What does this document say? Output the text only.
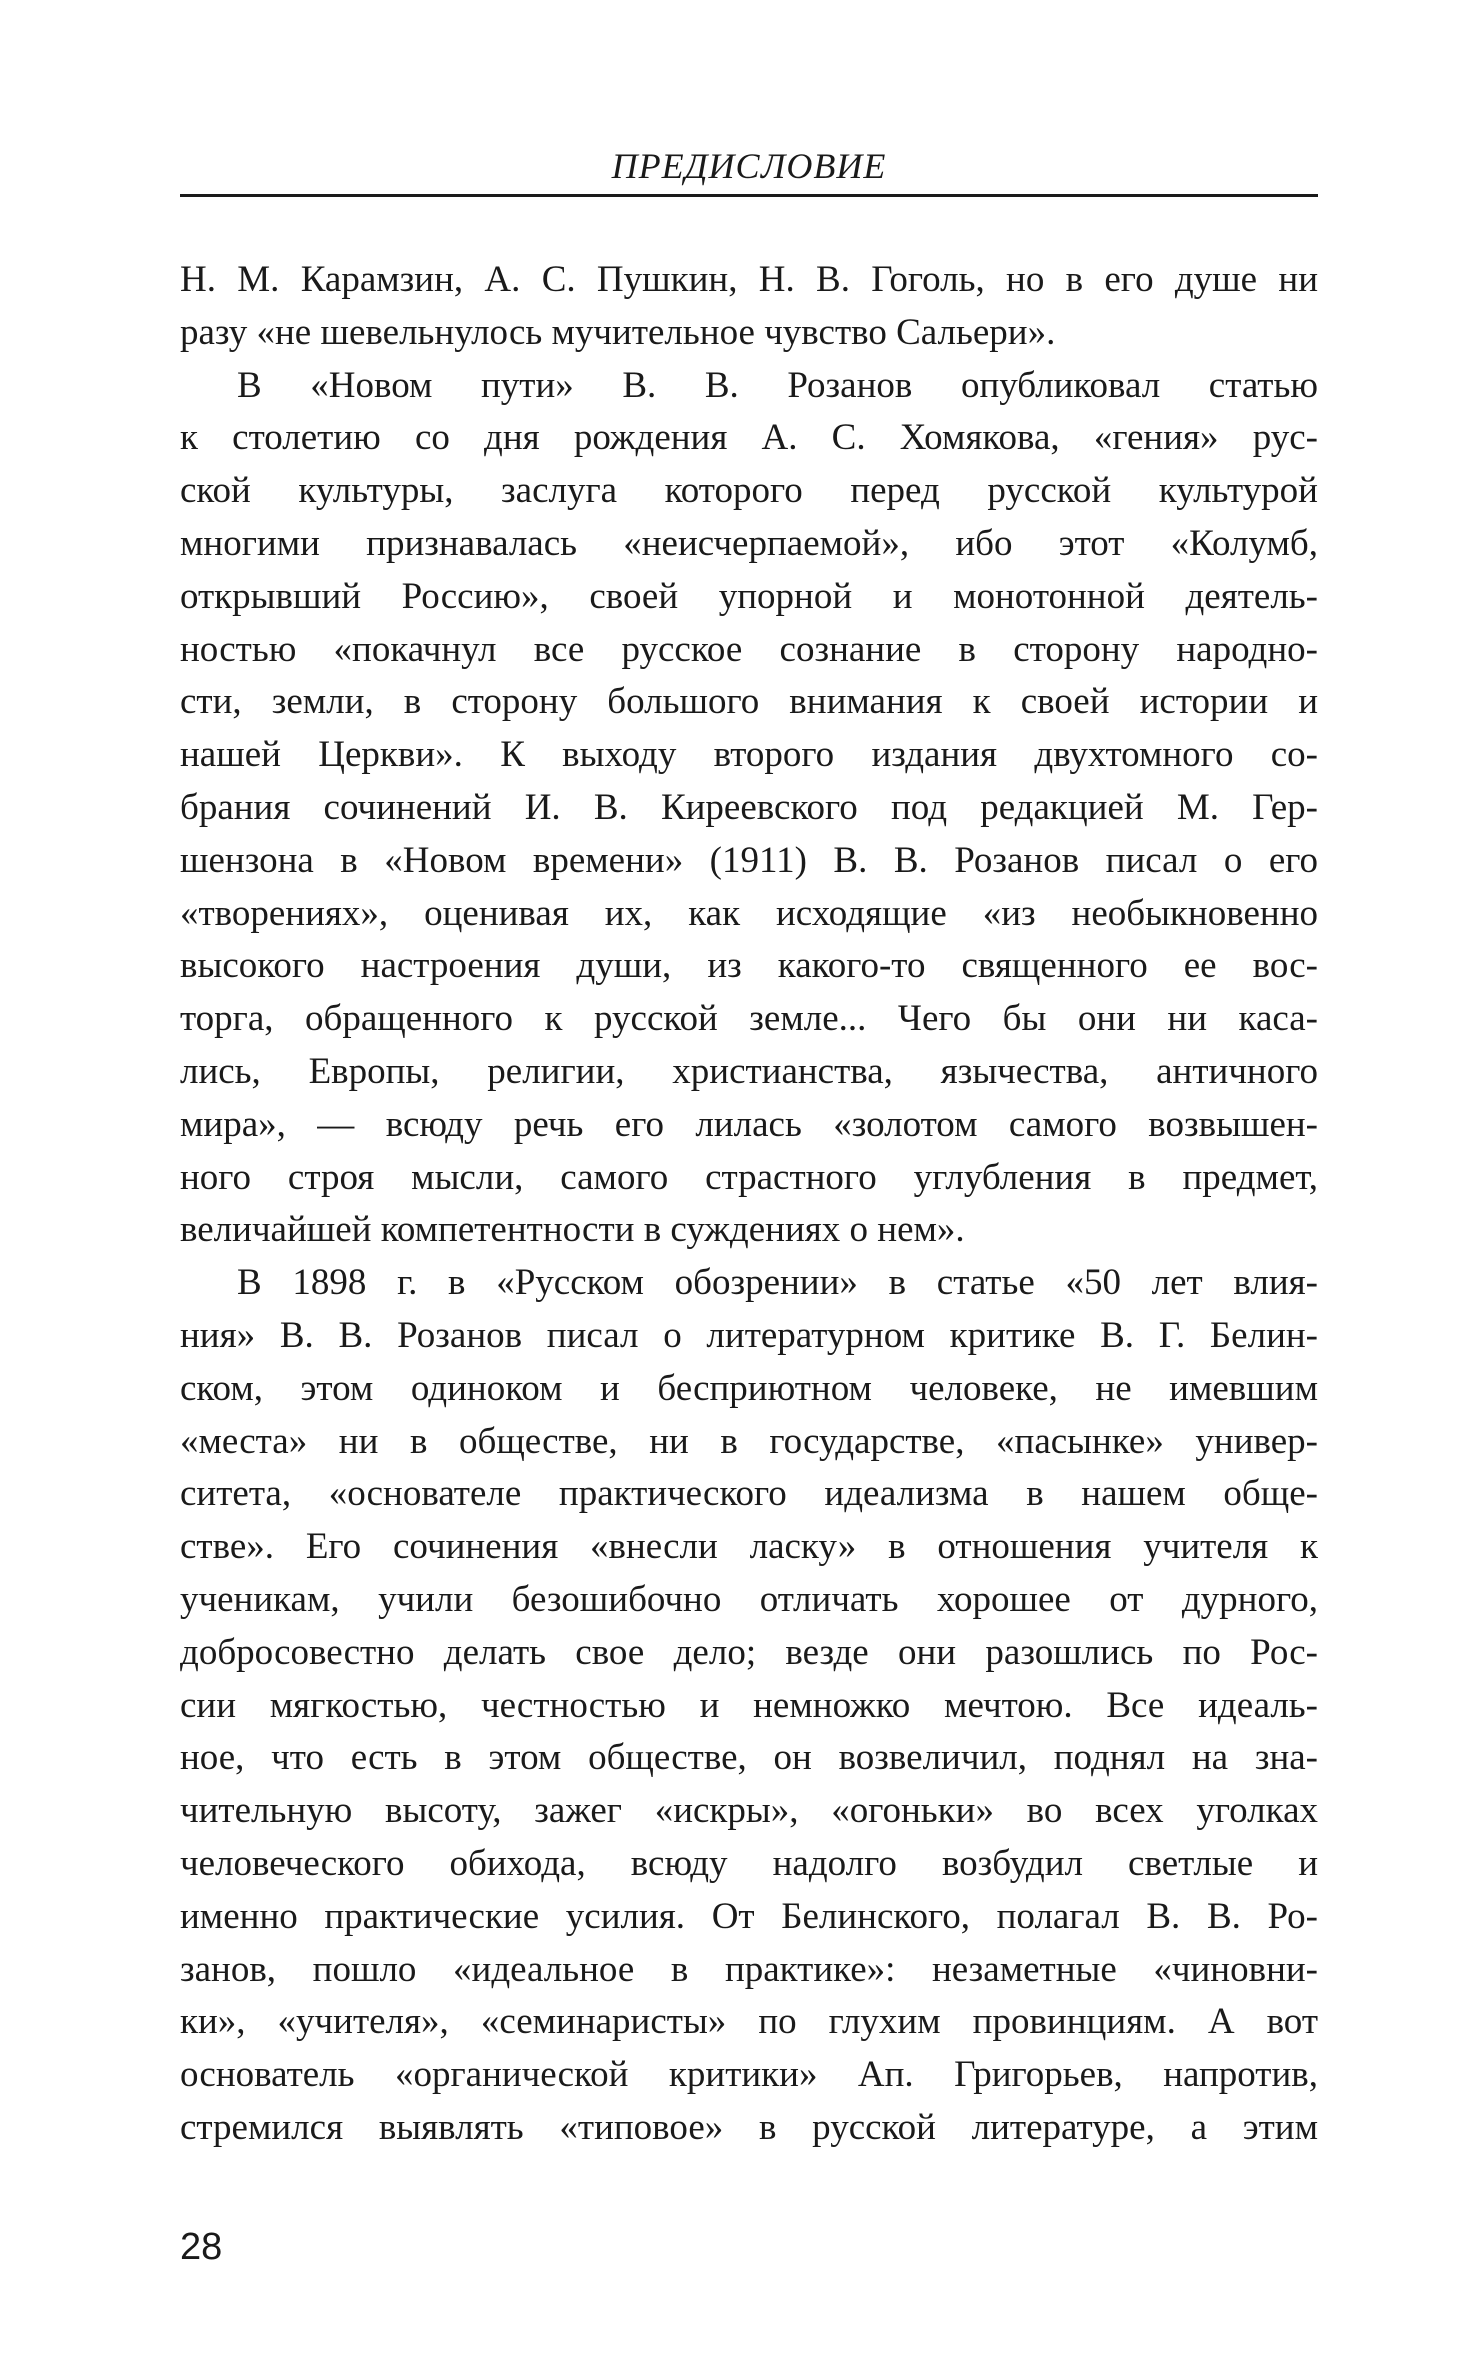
ПРЕДИСЛОВИЕ
Н. М. Карамзин, А. С. Пушкин, Н. В. Гоголь, но в его душе ни
разу «не шевельнулось мучительное чувство Сальери».
В «Новом пути» В. В. Розанов опубликовал статью
к столетию со дня рождения А. С. Хомякова, «гения» рус-
ской культуры, заслуга которого перед русской культурой
многими признавалась «неисчерпаемой», ибо этот «Колумб,
открывший Россию», своей упорной и монотонной деятель-
ностью «покачнул все русское сознание в сторону народно-
сти, земли, в сторону большого внимания к своей истории и
нашей Церкви». К выходу второго издания двухтомного со-
брания сочинений И. В. Киреевского под редакцией М. Гер-
шензона в «Новом времени» (1911) В. В. Розанов писал о его
«творениях», оценивая их, как исходящие «из необыкновенно
высокого настроения души, из какого-то священного ее вос-
торга, обращенного к русской земле... Чего бы они ни каса-
лись, Европы, религии, христианства, язычества, античного
мира», — всюду речь его лилась «золотом самого возвышен-
ного строя мысли, самого страстного углубления в предмет,
величайшей компетентности в суждениях о нем».
В 1898 г. в «Русском обозрении» в статье «50 лет влия-
ния» В. В. Розанов писал о литературном критике В. Г. Белин-
ском, этом одиноком и бесприютном человеке, не имевшим
«места» ни в обществе, ни в государстве, «пасынке» универ-
ситета, «основателе практического идеализма в нашем обще-
стве». Его сочинения «внесли ласку» в отношения учителя к
ученикам, учили безошибочно отличать хорошее от дурного,
добросовестно делать свое дело; везде они разошлись по Рос-
сии мягкостью, честностью и немножко мечтою. Все идеаль-
ное, что есть в этом обществе, он возвеличил, поднял на зна-
чительную высоту, зажег «искры», «огоньки» во всех уголках
человеческого обихода, всюду надолго возбудил светлые и
именно практические усилия. От Белинского, полагал В. В. Ро-
занов, пошло «идеальное в практике»: незаметные «чиновни-
ки», «учителя», «семинаристы» по глухим провинциям. А вот
основатель «органической критики» Ап. Григорьев, напротив,
стремился выявлять «типовое» в русской литературе, а этим
28
